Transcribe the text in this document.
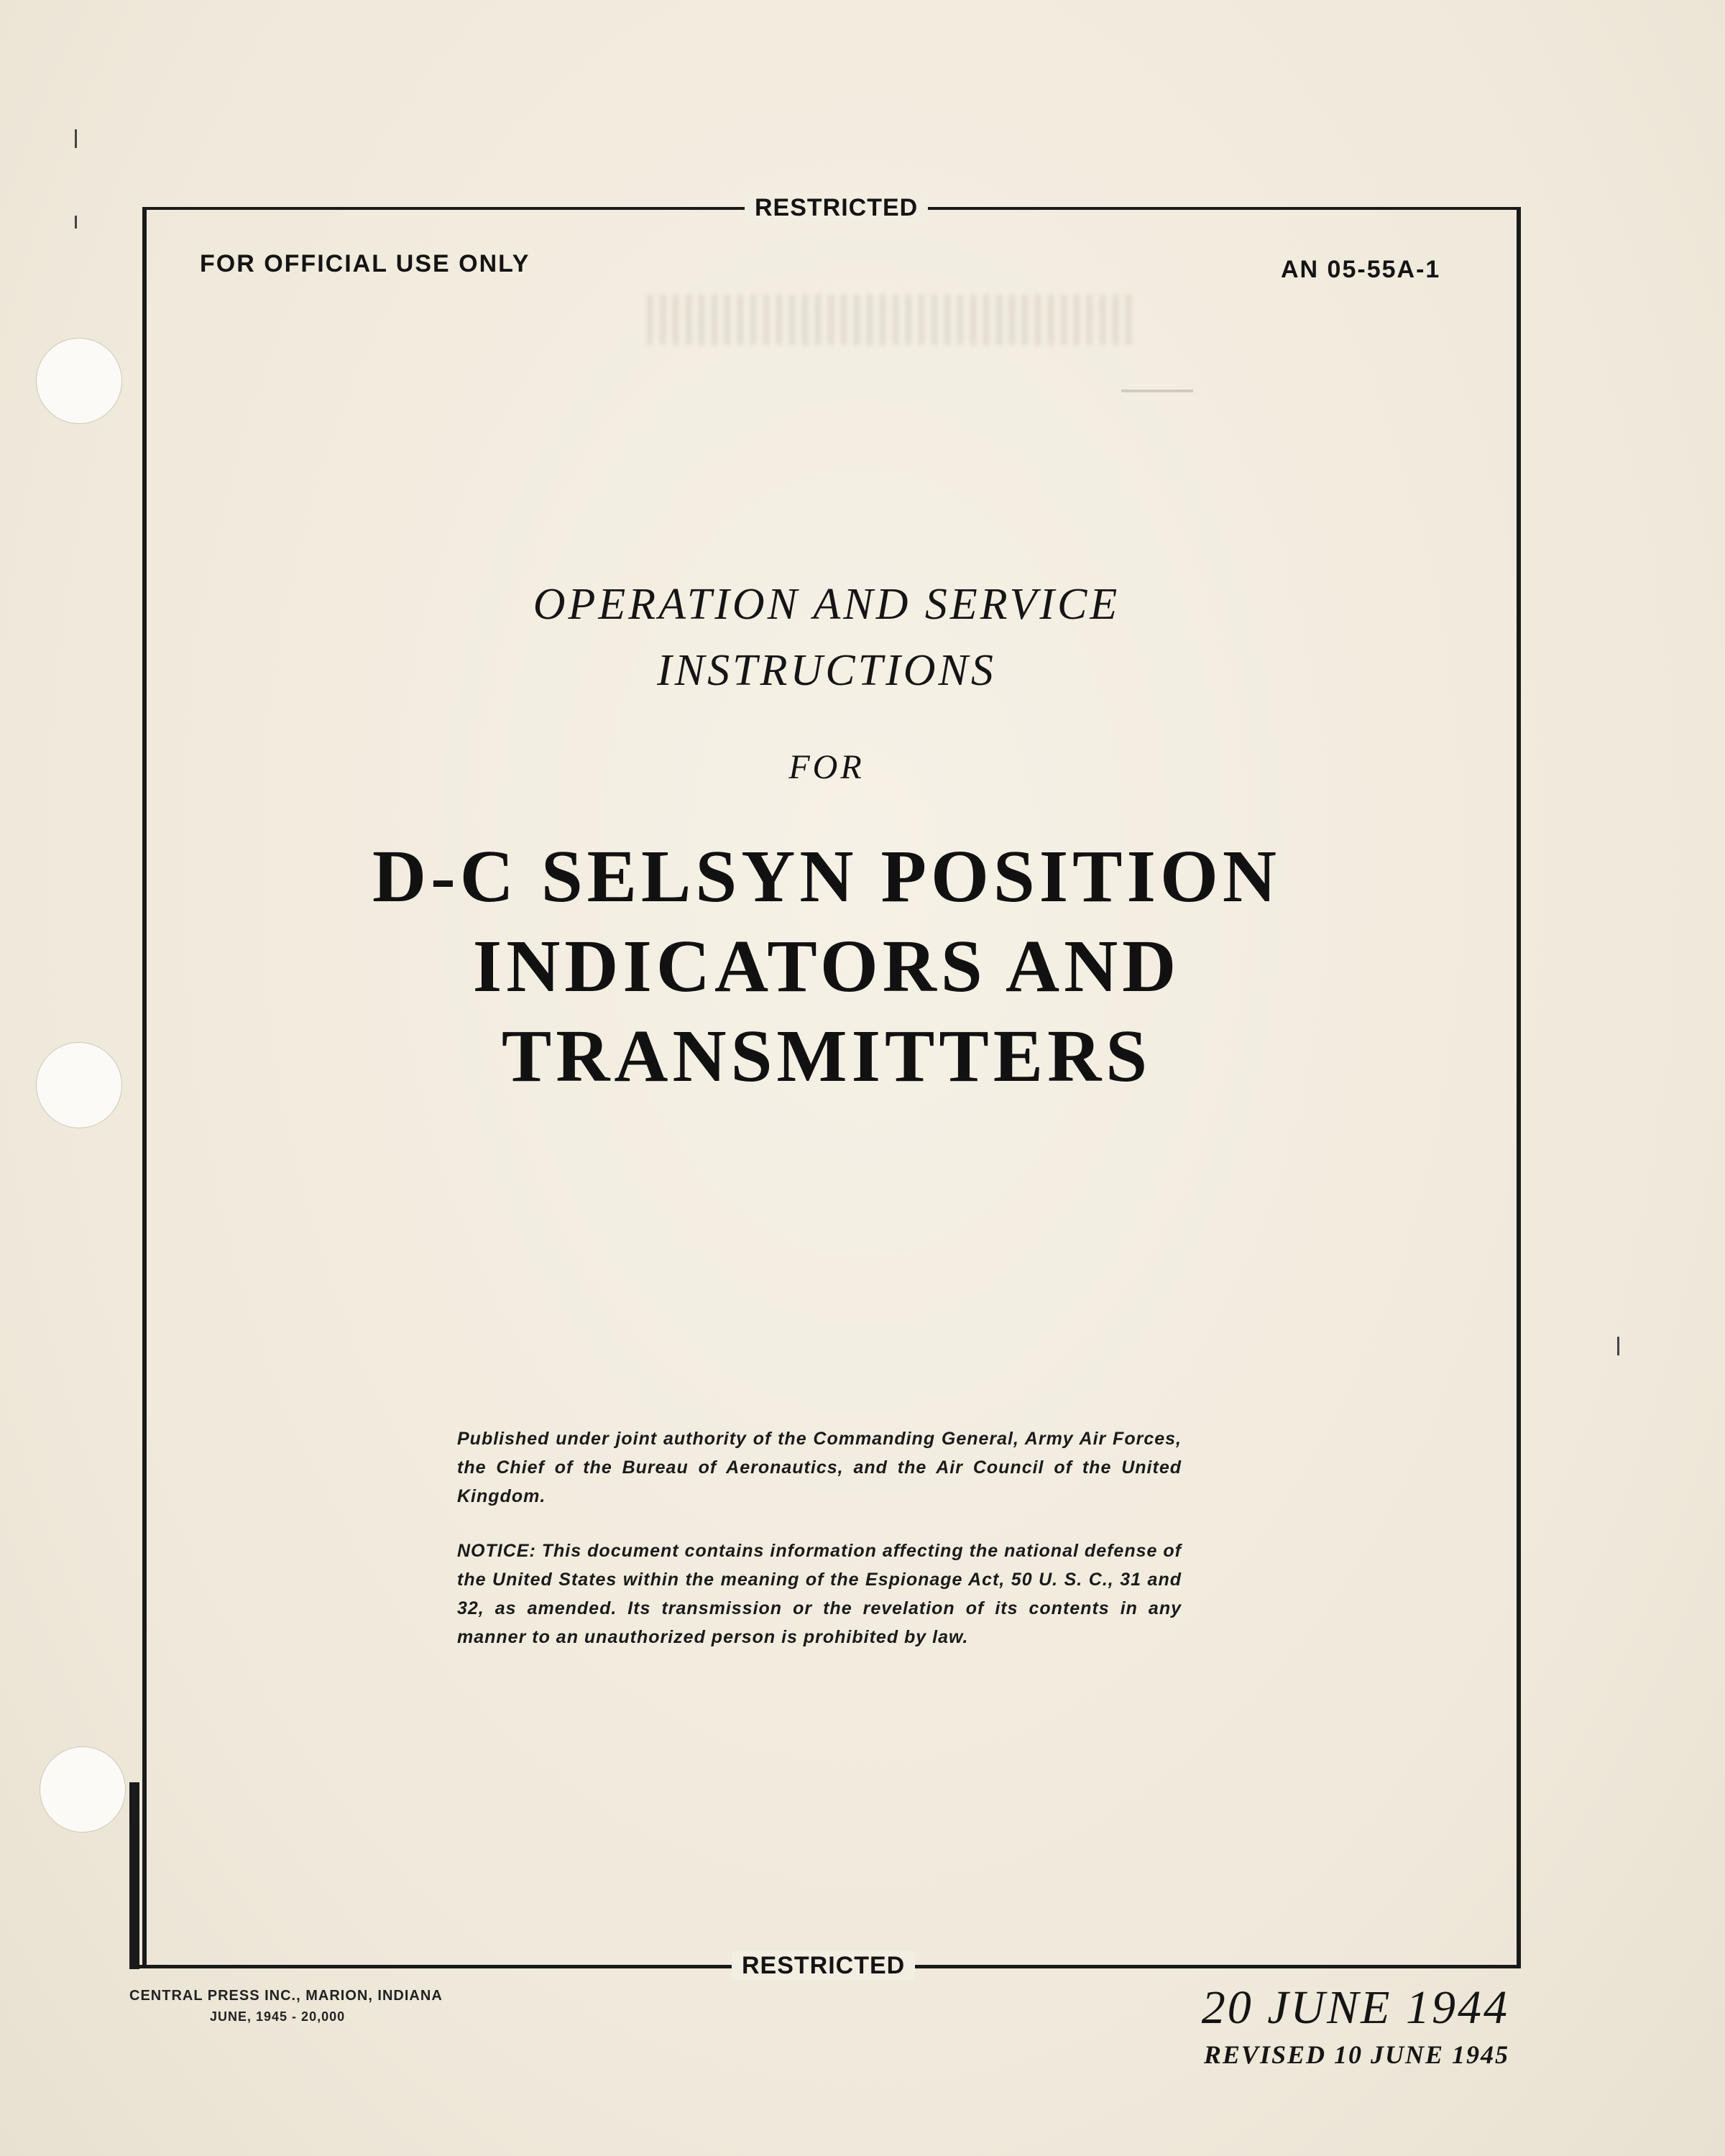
RESTRICTED
FOR OFFICIAL USE ONLY	AN 05-55A-1
OPERATION AND SERVICE
INSTRUCTIONS
FOR
D-C SELSYN POSITION
INDICATORS AND
TRANSMITTERS
Published under joint authority of the Commanding General, Army Air Forces, the Chief of the Bureau of Aeronautics, and the Air Council of the United Kingdom.
NOTICE: This document contains information affecting the national defense of the United States within the meaning of the Espionage Act, 50 U. S. C., 31 and 32, as amended. Its transmission or the revelation of its contents in any manner to an unauthorized person is prohibited by law.
RESTRICTED
CENTRAL PRESS INC., MARION, INDIANA
JUNE, 1945 - 20,000	20 JUNE 1944
REVISED 10 JUNE 1945
